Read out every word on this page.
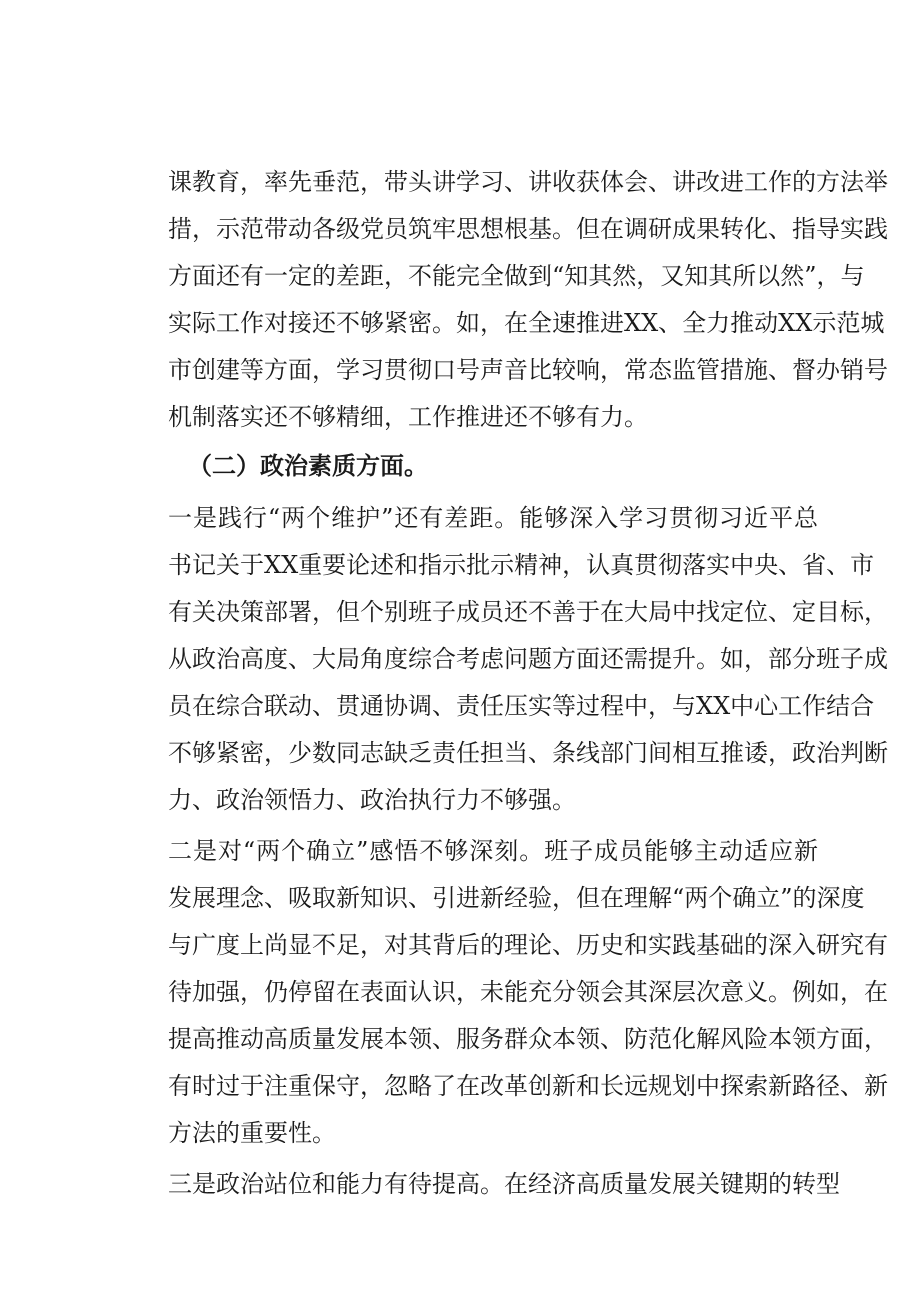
课教育，率先垂范，带头讲学习、讲收获体会、讲改进工作的方法举
措，示范带动各级党员筑牢思想根基。但在调研成果转化、指导实践
方面还有一定的差距，不能完全做到“知其然，又知其所以然”，与
实际工作对接还不够紧密。如，在全速推进XX、全力推动XX示范城
市创建等方面，学习贯彻口号声音比较响，常态监管措施、督办销号
机制落实还不够精细，工作推进还不够有力。
（二）政治素质方面。
一是践行“两个维护”还有差距。能够深入学习贯彻习近平总
书记关于XX重要论述和指示批示精神，认真贯彻落实中央、省、市
有关决策部署，但个别班子成员还不善于在大局中找定位、定目标，
从政治高度、大局角度综合考虑问题方面还需提升。如，部分班子成
员在综合联动、贯通协调、责任压实等过程中，与XX中心工作结合
不够紧密，少数同志缺乏责任担当、条线部门间相互推诿，政治判断
力、政治领悟力、政治执行力不够强。
二是对“两个确立”感悟不够深刻。班子成员能够主动适应新
发展理念、吸取新知识、引进新经验，但在理解“两个确立”的深度
与广度上尚显不足，对其背后的理论、历史和实践基础的深入研究有
待加强，仍停留在表面认识，未能充分领会其深层次意义。例如，在
提高推动高质量发展本领、服务群众本领、防范化解风险本领方面，
有时过于注重保守，忽略了在改革创新和长远规划中探索新路径、新
方法的重要性。
三是政治站位和能力有待提高。在经济高质量发展关键期的转型
